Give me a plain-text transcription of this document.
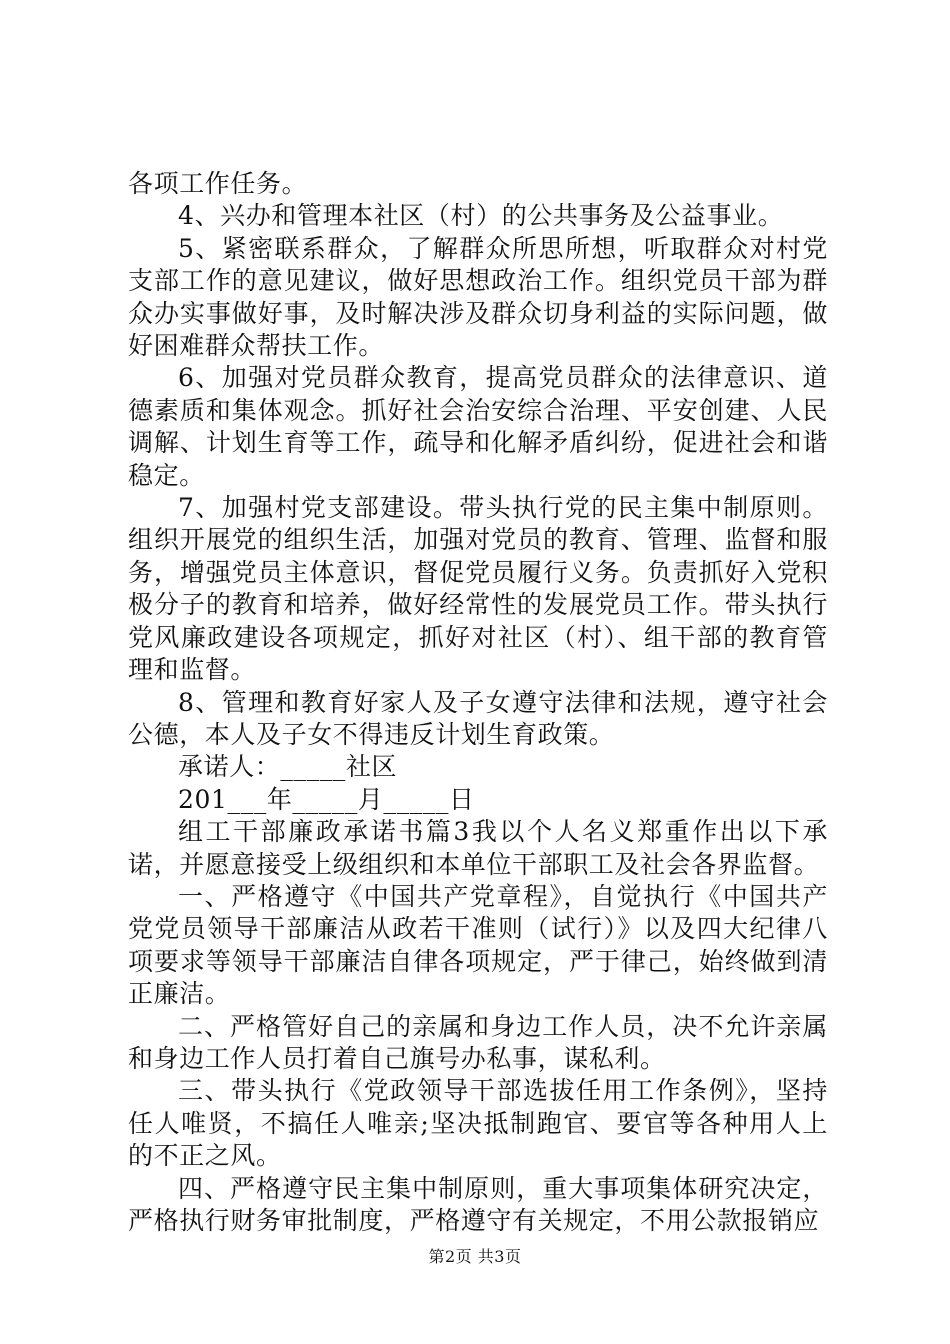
各项工作任务。

4、兴办和管理本社区（村）的公共事务及公益事业。

5、紧密联系群众，了解群众所思所想，听取群众对村党支部工作的意见建议，做好思想政治工作。组织党员干部为群众办实事做好事，及时解决涉及群众切身利益的实际问题，做好困难群众帮扶工作。

6、加强对党员群众教育，提高党员群众的法律意识、道德素质和集体观念。抓好社会治安综合治理、平安创建、人民调解、计划生育等工作，疏导和化解矛盾纠纷，促进社会和谐稳定。

7、加强村党支部建设。带头执行党的民主集中制原则。组织开展党的组织生活，加强对党员的教育、管理、监督和服务，增强党员主体意识，督促党员履行义务。负责抓好入党积极分子的教育和培养，做好经常性的发展党员工作。带头执行党风廉政建设各项规定，抓好对社区（村）、组干部的教育管理和监督。

8、管理和教育好家人及子女遵守法律和法规，遵守社会公德，本人及子女不得违反计划生育政策。

承诺人：_____社区

201___年_____月_____日

组工干部廉政承诺书篇3我以个人名义郑重作出以下承诺，并愿意接受上级组织和本单位干部职工及社会各界监督。

一、严格遵守《中国共产党章程》，自觉执行《中国共产党党员领导干部廉洁从政若干准则（试行）》以及四大纪律八项要求等领导干部廉洁自律各项规定，严于律己，始终做到清正廉洁。

二、严格管好自己的亲属和身边工作人员，决不允许亲属和身边工作人员打着自己旗号办私事，谋私利。

三、带头执行《党政领导干部选拔任用工作条例》，坚持任人唯贤，不搞任人唯亲;坚决抵制跑官、要官等各种用人上的不正之风。

四、严格遵守民主集中制原则，重大事项集体研究决定，严格执行财务审批制度，严格遵守有关规定，不用公款报销应

第2页 共3页
